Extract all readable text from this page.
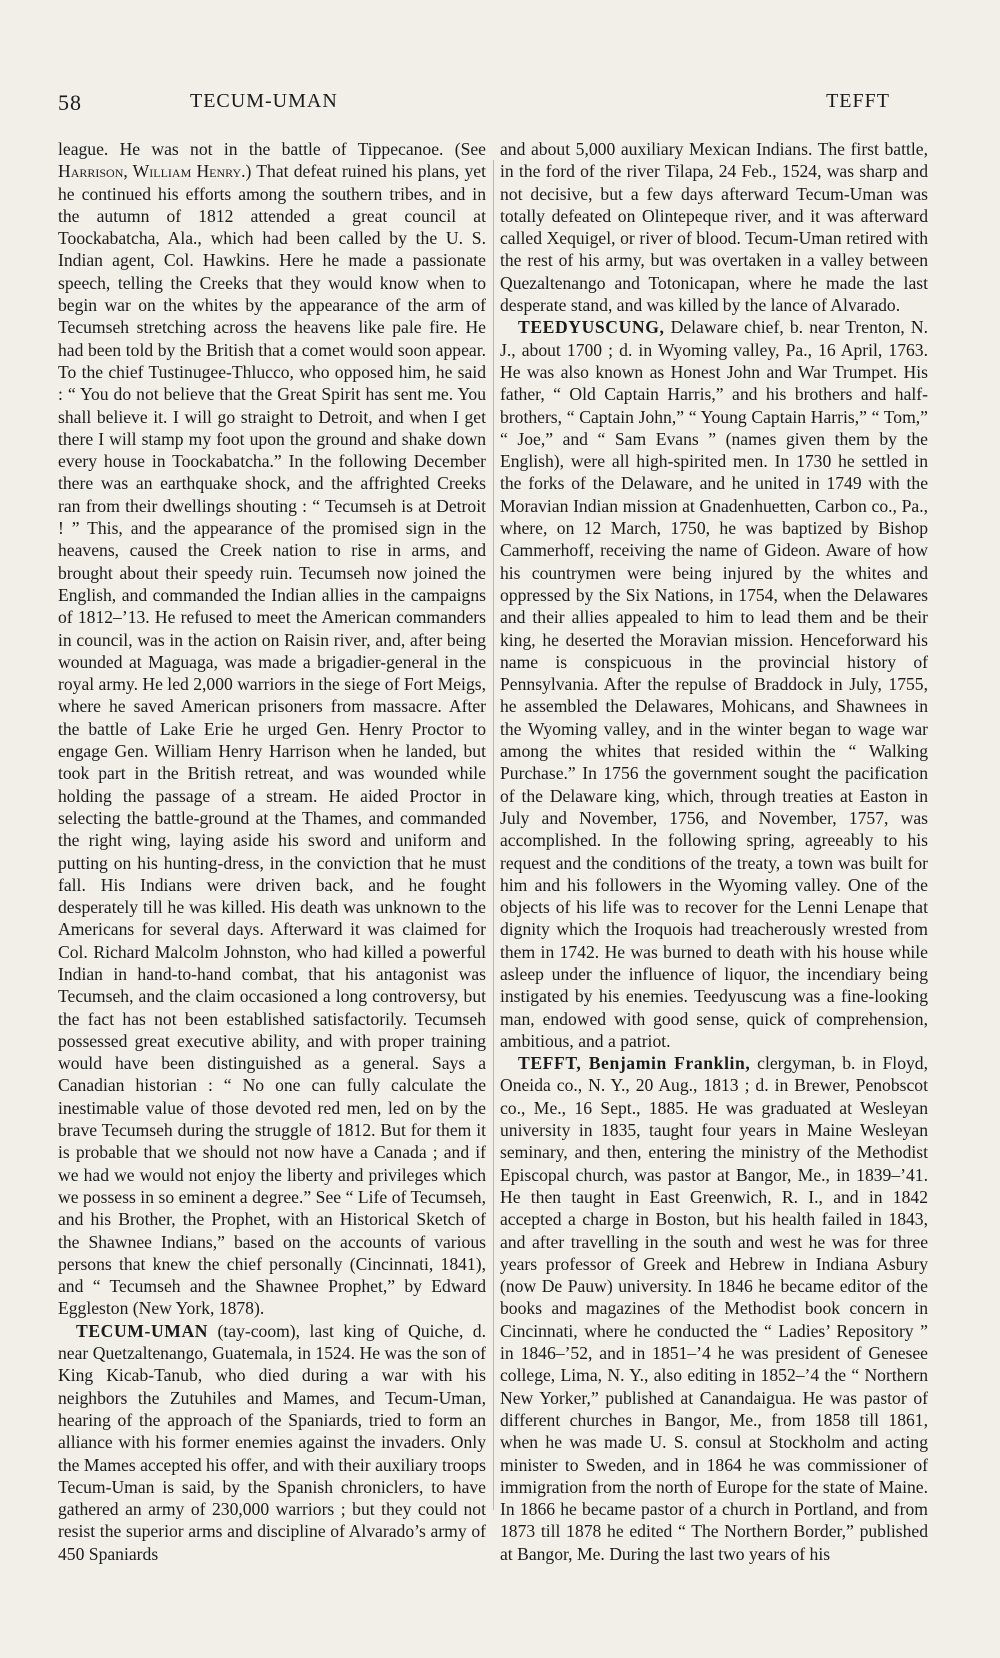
58	TECUM-UMAN	TEFFT

league. He was not in the battle of Tippecanoe. (See Harrison, William Henry.) That defeat ruined his plans, yet he continued his efforts among the southern tribes, and in the autumn of 1812 attended a great council at Toockabatcha, Ala., which had been called by the U. S. Indian agent, Col. Hawkins. Here he made a passionate speech, telling the Creeks that they would know when to begin war on the whites by the appearance of the arm of Tecumseh stretching across the heavens like pale fire. He had been told by the British that a comet would soon appear. To the chief Tustinugee-Thlucco, who opposed him, he said : “ You do not believe that the Great Spirit has sent me. You shall believe it. I will go straight to Detroit, and when I get there I will stamp my foot upon the ground and shake down every house in Toockabatcha.” In the following December there was an earthquake shock, and the affrighted Creeks ran from their dwellings shouting : “ Tecumseh is at Detroit ! ” This, and the appearance of the promised sign in the heavens, caused the Creek nation to rise in arms, and brought about their speedy ruin. Tecumseh now joined the English, and commanded the Indian allies in the campaigns of 1812–’13. He refused to meet the American commanders in council, was in the action on Raisin river, and, after being wounded at Maguaga, was made a brigadier-general in the royal army. He led 2,000 warriors in the siege of Fort Meigs, where he saved American prisoners from massacre. After the battle of Lake Erie he urged Gen. Henry Proctor to engage Gen. William Henry Harrison when he landed, but took part in the British retreat, and was wounded while holding the passage of a stream. He aided Proctor in selecting the battle-ground at the Thames, and commanded the right wing, laying aside his sword and uniform and putting on his hunting-dress, in the conviction that he must fall. His Indians were driven back, and he fought desperately till he was killed. His death was unknown to the Americans for several days. Afterward it was claimed for Col. Richard Malcolm Johnston, who had killed a powerful Indian in hand-to-hand combat, that his antagonist was Tecumseh, and the claim occasioned a long controversy, but the fact has not been established satisfactorily. Tecumseh possessed great executive ability, and with proper training would have been distinguished as a general. Says a Canadian historian : “ No one can fully calculate the inestimable value of those devoted red men, led on by the brave Tecumseh during the struggle of 1812. But for them it is probable that we should not now have a Canada ; and if we had we would not enjoy the liberty and privileges which we possess in so eminent a degree.” See “ Life of Tecumseh, and his Brother, the Prophet, with an Historical Sketch of the Shawnee Indians,” based on the accounts of various persons that knew the chief personally (Cincinnati, 1841), and “ Tecumseh and the Shawnee Prophet,” by Edward Eggleston (New York, 1878).

TECUM-UMAN (tay-coom), last king of Quiche, d. near Quetzaltenango, Guatemala, in 1524. He was the son of King Kicab-Tanub, who died during a war with his neighbors the Zutuhiles and Mames, and Tecum-Uman, hearing of the approach of the Spaniards, tried to form an alliance with his former enemies against the invaders. Only the Mames accepted his offer, and with their auxiliary troops Tecum-Uman is said, by the Spanish chroniclers, to have gathered an army of 230,000 warriors ; but they could not resist the superior arms and discipline of Alvarado’s army of 450 Spaniards

and about 5,000 auxiliary Mexican Indians. The first battle, in the ford of the river Tilapa, 24 Feb., 1524, was sharp and not decisive, but a few days afterward Tecum-Uman was totally defeated on Olintepeque river, and it was afterward called Xequigel, or river of blood. Tecum-Uman retired with the rest of his army, but was overtaken in a valley between Quezaltenango and Totonicapan, where he made the last desperate stand, and was killed by the lance of Alvarado.

TEEDYUSCUNG, Delaware chief, b. near Trenton, N. J., about 1700 ; d. in Wyoming valley, Pa., 16 April, 1763. He was also known as Honest John and War Trumpet. His father, “ Old Captain Harris,” and his brothers and half-brothers, “ Captain John,” “ Young Captain Harris,” “ Tom,” “ Joe,” and “ Sam Evans ” (names given them by the English), were all high-spirited men. In 1730 he settled in the forks of the Delaware, and he united in 1749 with the Moravian Indian mission at Gnadenhuetten, Carbon co., Pa., where, on 12 March, 1750, he was baptized by Bishop Cammerhoff, receiving the name of Gideon. Aware of how his countrymen were being injured by the whites and oppressed by the Six Nations, in 1754, when the Delawares and their allies appealed to him to lead them and be their king, he deserted the Moravian mission. Henceforward his name is conspicuous in the provincial history of Pennsylvania. After the repulse of Braddock in July, 1755, he assembled the Delawares, Mohicans, and Shawnees in the Wyoming valley, and in the winter began to wage war among the whites that resided within the “ Walking Purchase.” In 1756 the government sought the pacification of the Delaware king, which, through treaties at Easton in July and November, 1756, and November, 1757, was accomplished. In the following spring, agreeably to his request and the conditions of the treaty, a town was built for him and his followers in the Wyoming valley. One of the objects of his life was to recover for the Lenni Lenape that dignity which the Iroquois had treacherously wrested from them in 1742. He was burned to death with his house while asleep under the influence of liquor, the incendiary being instigated by his enemies. Teedyuscung was a fine-looking man, endowed with good sense, quick of comprehension, ambitious, and a patriot.

TEFFT, Benjamin Franklin, clergyman, b. in Floyd, Oneida co., N. Y., 20 Aug., 1813 ; d. in Brewer, Penobscot co., Me., 16 Sept., 1885. He was graduated at Wesleyan university in 1835, taught four years in Maine Wesleyan seminary, and then, entering the ministry of the Methodist Episcopal church, was pastor at Bangor, Me., in 1839–’41. He then taught in East Greenwich, R. I., and in 1842 accepted a charge in Boston, but his health failed in 1843, and after travelling in the south and west he was for three years professor of Greek and Hebrew in Indiana Asbury (now De Pauw) university. In 1846 he became editor of the books and magazines of the Methodist book concern in Cincinnati, where he conducted the “ Ladies’ Repository ” in 1846–’52, and in 1851–’4 he was president of Genesee college, Lima, N. Y., also editing in 1852–’4 the “ Northern New Yorker,” published at Canandaigua. He was pastor of different churches in Bangor, Me., from 1858 till 1861, when he was made U. S. consul at Stockholm and acting minister to Sweden, and in 1864 he was commissioner of immigration from the north of Europe for the state of Maine. In 1866 he became pastor of a church in Portland, and from 1873 till 1878 he edited “ The Northern Border,” published at Bangor, Me. During the last two years of his
